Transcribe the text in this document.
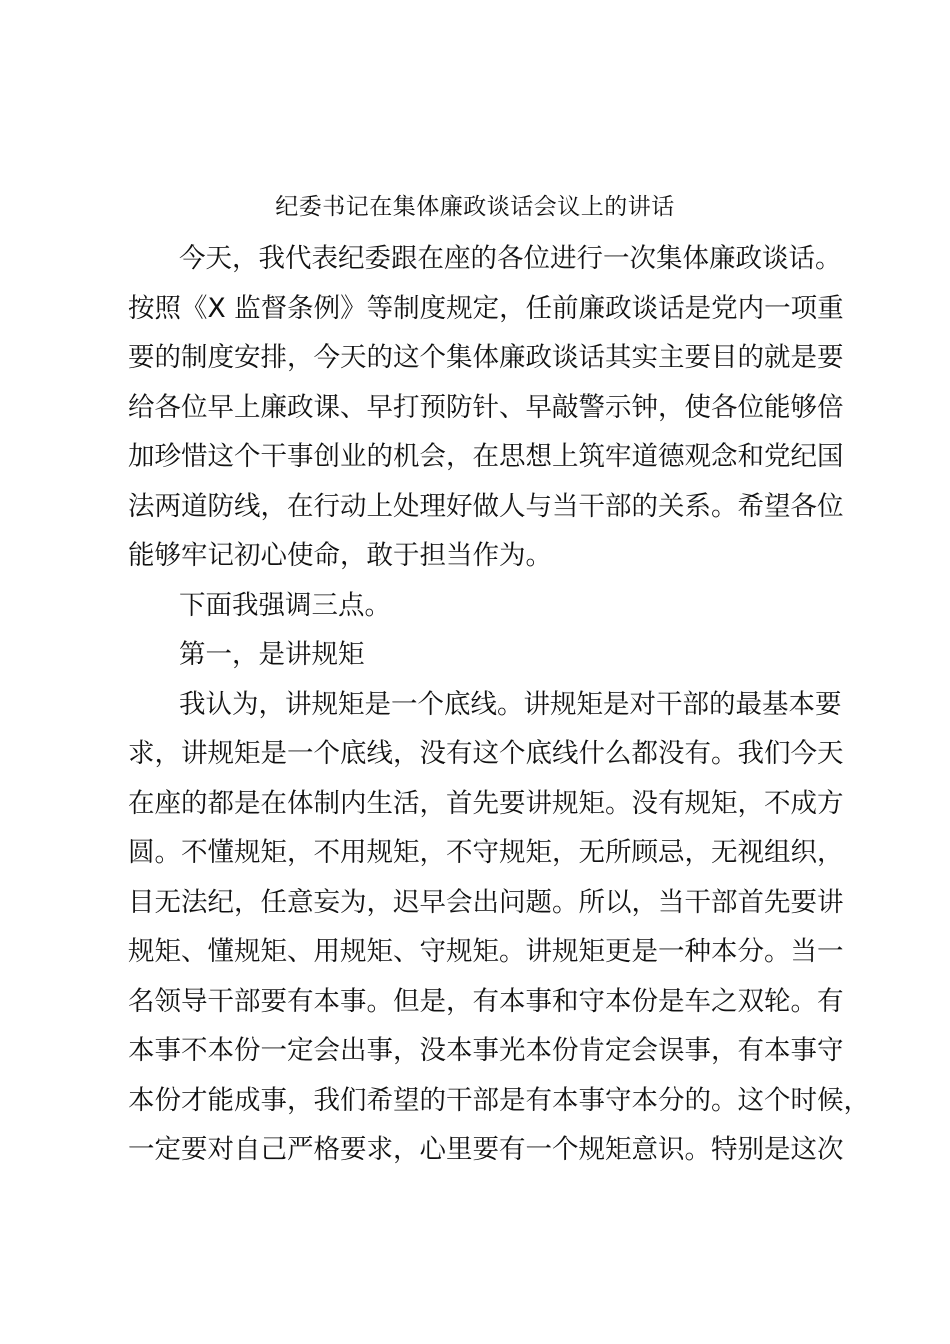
纪委书记在集体廉政谈话会议上的讲话
今天，我代表纪委跟在座的各位进行一次集体廉政谈话。
按照《X 监督条例》等制度规定，任前廉政谈话是党内一项重
要的制度安排，今天的这个集体廉政谈话其实主要目的就是要
给各位早上廉政课、早打预防针、早敲警示钟，使各位能够倍
加珍惜这个干事创业的机会，在思想上筑牢道德观念和党纪国
法两道防线，在行动上处理好做人与当干部的关系。希望各位
能够牢记初心使命，敢于担当作为。
下面我强调三点。
第一，是讲规矩
我认为，讲规矩是一个底线。讲规矩是对干部的最基本要
求，讲规矩是一个底线，没有这个底线什么都没有。我们今天
在座的都是在体制内生活，首先要讲规矩。没有规矩，不成方
圆。不懂规矩，不用规矩，不守规矩，无所顾忌，无视组织，
目无法纪，任意妄为，迟早会出问题。所以，当干部首先要讲
规矩、懂规矩、用规矩、守规矩。讲规矩更是一种本分。当一
名领导干部要有本事。但是，有本事和守本份是车之双轮。有
本事不本份一定会出事，没本事光本份肯定会误事，有本事守
本份才能成事，我们希望的干部是有本事守本分的。这个时候，
一定要对自己严格要求，心里要有一个规矩意识。特别是这次
